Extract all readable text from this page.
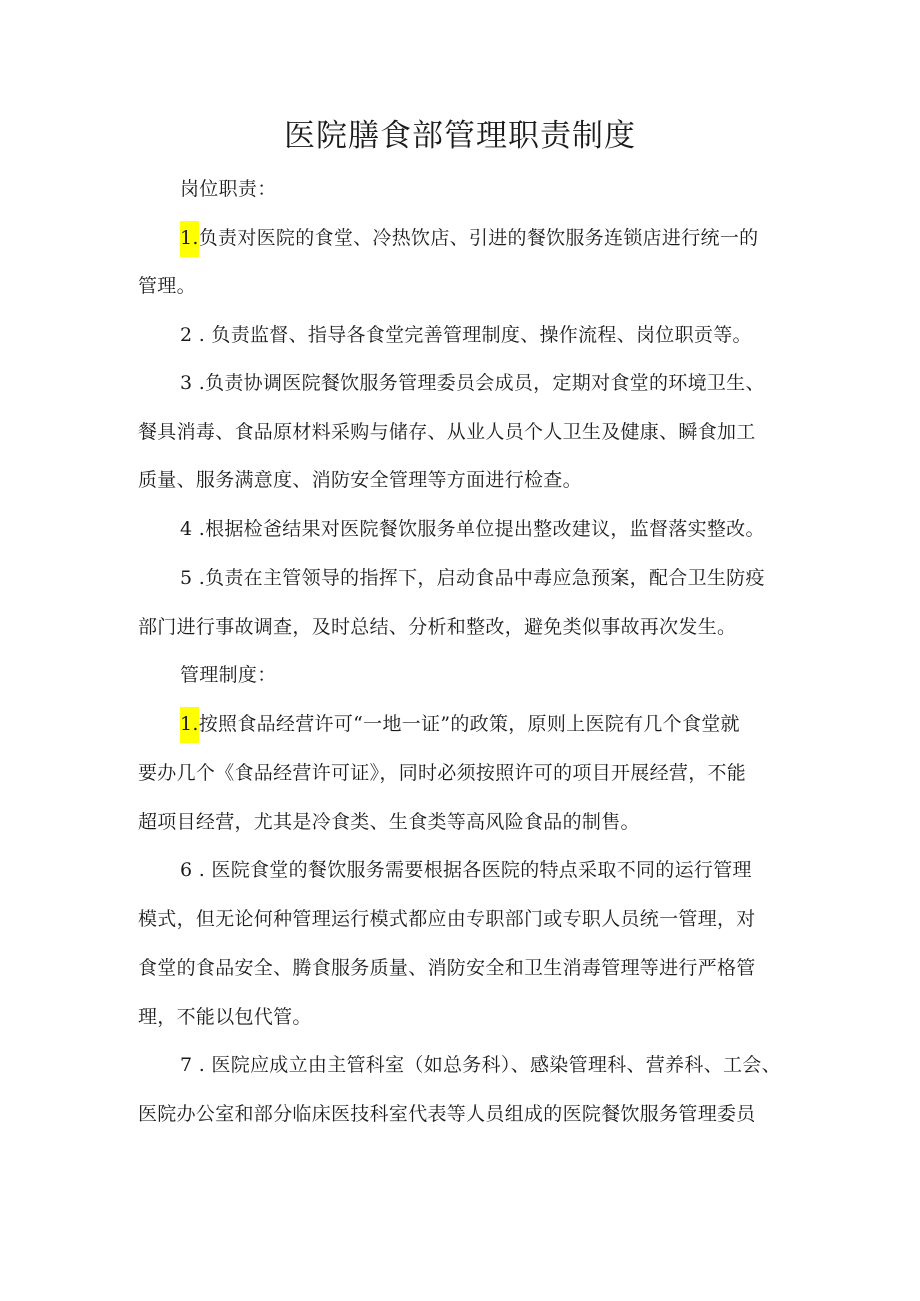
医院膳食部管理职责制度
岗位职责：
1.负责对医院的食堂、冷热饮店、引进的餐饮服务连锁店进行统一的
管理。
2 . 负责监督、指导各食堂完善管理制度、操作流程、岗位职贡等。
3 .负责协调医院餐饮服务管理委员会成员，定期对食堂的环境卫生、
餐具消毒、食品原材料采购与储存、从业人员个人卫生及健康、瞬食加工
质量、服务满意度、消防安全管理等方面进行检查。
4 .根据检爸结果对医院餐饮服务单位提出整改建议，监督落实整改。
5 .负责在主管领导的指挥下，启动食品中毒应急预案，配合卫生防疫
部门进行事故调查，及时总结、分析和整改，避免类似事故再次发生。
管理制度：
1.按照食品经营许可“一地一证”的政策，原则上医院有几个食堂就
要办几个《食品经营许可证》，同时必须按照许可的项目开展经营，不能
超项目经营，尤其是冷食类、生食类等高风险食品的制售。
6 . 医院食堂的餐饮服务需要根据各医院的特点采取不同的运行管理
模式，但无论何种管理运行模式都应由专职部门或专职人员统一管理，对
食堂的食品安全、腾食服务质量、消防安全和卫生消毒管理等进行严格管
理，不能以包代管。
7 . 医院应成立由主管科室（如总务科）、感染管理科、营养科、工会、
医院办公室和部分临床医技科室代表等人员组成的医院餐饮服务管理委员
